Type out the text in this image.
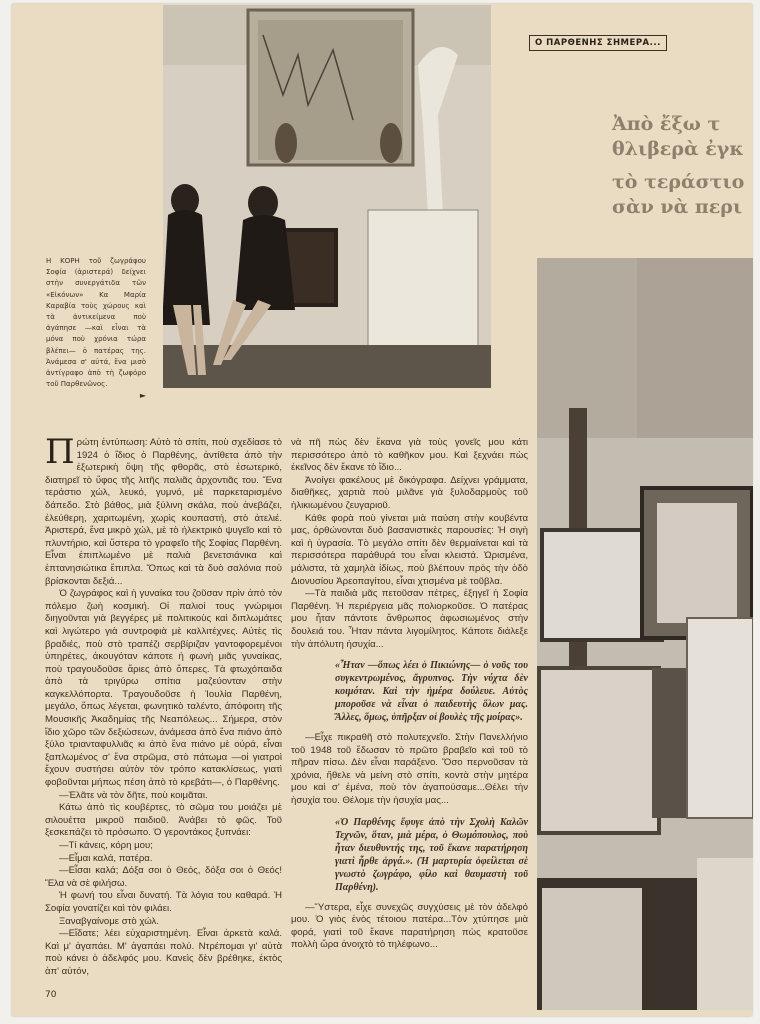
Η ΚΟΡΗ τοῦ ζωγράφου Σοφία (ἀριστερά) δείχνει στὴν συνεργάτιδα τῶν «Εἰκόνων» Κα Μαρία Καραβία τοὺς χώρους καὶ τὰ ἀντικείμενα ποὺ ἀγάπησε —καὶ εἶναι τὰ μόνα ποὺ χρόνια τώρα βλέπει— ὁ πατέρας της. Ἀνάμεσα σ' αὐτά, ἕνα μισὸ ἀντίγραφο ἀπὸ τὴ ζωφόρο τοῦ Παρθενῶνος.
►
Ο ΠΑΡΘΕΝΗΣ ΣΗΜΕΡΑ...
Ἀπὸ ἔξω τ
θλιβερὰ ἐγκ
τὸ τεράστιο
σὰν νὰ περι

Πρώτη ἐντύπωση: Αὐτὸ τὸ σπίτι, ποὺ σχεδίασε τὸ 1924 ὁ ἴδιος ὁ Παρθένης, ἀντίθετα ἀπὸ τὴν ἐξωτερικὴ ὄψη τῆς φθορᾶς, στὸ ἐσωτερικό, διατηρεῖ τὸ ὕφος τῆς λιτῆς παλιᾶς ἀρχοντιᾶς του. Ἕνα τεράστιο χώλ, λευκό, γυμνό, μὲ παρκεταρισμένο δάπεδο. Στὸ βάθος, μιὰ ξύλινη σκάλα, ποὺ ἀνεβάζει, ἐλεύθερη, χαριτωμένη, χωρὶς κουπαστή, στὸ ἀτελιέ. Ἀριστερά, ἕνα μικρὸ χώλ, μὲ τὸ ἠλεκτρικὸ ψυγεῖο καὶ τὸ πλυντήριο, καὶ ὕστερα τὸ γραφεῖο τῆς Σοφίας Παρθένη. Εἶναι ἐπιπλωμένο μὲ παλιὰ βενετσιάνικα καὶ ἑπτανησιώτικα ἔπιπλα. Ὅπως καὶ τὰ δυὸ σαλόνια ποὺ βρίσκονται δεξιά...

Ὁ ζωγράφος καὶ ἡ γυναίκα του ζοῦσαν πρὶν ἀπὸ τὸν πόλεμο ζωὴ κοσμική. Οἱ παλιοί τους γνώριμοι διηγοῦνται γιὰ βεγγέρες μὲ πολιτικοὺς καὶ διπλωμάτες καὶ λιγώτερο γιὰ συντροφιὰ μὲ καλλιτέχνες. Αὐτὲς τὶς βραδιές, ποὺ στὸ τραπέζι σερβίριζαν γαντοφορεμένοι ὑπηρέτες, ἀκουγόταν κάποτε ἡ φωνὴ μιᾶς γυναίκας, ποὺ τραγουδοῦσε ἄριες ἀπὸ ὄπερες. Τὰ φτωχόπαιδα ἀπὸ τὰ τριγύρω σπίτια μαζεύονταν στὴν καγκελλόπορτα. Τραγουδοῦσε ἡ Ἰουλία Παρθένη, μεγάλο, ὅπως λέγεται, φωνητικὸ ταλέντο, ἀπόφοιτη τῆς Μουσικῆς Ἀκαδημίας τῆς Νεαπόλεως... Σήμερα, στὸν ἴδιο χῶρο τῶν δεξιώσεων, ἀνάμεσα ἀπὸ ἕνα πιάνο ἀπὸ ξύλο τριανταφυλλιᾶς κι ἀπὸ ἕνα πιάνο μὲ οὐρά, εἶναι ξαπλωμένος σ' ἕνα στρῶμα, στὸ πάτωμα —οἱ γιατροὶ ἔχουν συστήσει αὐτὸν τὸν τρόπο κατακλίσεως, γιατὶ φοβοῦνται μήπως πέση ἀπὸ τὸ κρεβάτι—, ὁ Παρθένης.

—Ἐλᾶτε νὰ τὸν δῆτε, ποὺ κοιμᾶται.

Κάτω ἀπὸ τὶς κουβέρτες, τὸ σῶμα του μοιάζει μὲ σιλουέττα μικροῦ παιδιοῦ. Ἀνάβει τὸ φῶς. Τοῦ ξεσκεπάζει τὸ πρόσωπο. Ὁ γεροντάκος ξυπνάει:

—Τί κάνεις, κόρη μου;

—Εἶμαι καλά, πατέρα.

—Εἶσαι καλά; Δόξα σοι ὁ Θεός, δόξα σοι ὁ Θεός! Ἔλα νὰ σὲ φιλήσω.

Ἡ φωνή του εἶναι δυνατή. Τὰ λόγια του καθαρά. Ἡ Σοφία γονατίζει καὶ τὸν φιλάει.

Ξαναβγαίνομε στὸ χώλ.

—Εἴδατε; λέει εὐχαριστημένη. Εἶναι ἀρκετὰ καλά. Καὶ μ' ἀγαπάει. Μ' ἀγαπάει πολύ. Ντρέπομαι γι' αὐτὰ ποὺ κάνει ὁ ἀδελφός μου. Κανεὶς δὲν βρέθηκε, ἐκτὸς ἀπ' αὐτόν,

70

νὰ πῆ πὼς δὲν ἔκανα γιὰ τοὺς γονεῖς μου κάτι περισσότερο ἀπὸ τὸ καθῆκον μου. Καὶ ξεχνάει πὼς ἐκεῖνος δὲν ἔκανε τὸ ἴδιο...

Ἀνοίγει φακέλους μὲ δικόγραφα. Δείχνει γράμματα, διαθῆκες, χαρτιὰ ποὺ μιλᾶνε γιὰ ξυλοδαρμοὺς τοῦ ἡλικιωμένου ζευγαριοῦ.

Κάθε φορὰ ποὺ γίνεται μιὰ παύση στὴν κουβέντα μας, ὀρθώνονται δυὸ βασανιστικὲς παρουσίες: Ἡ σιγὴ καὶ ἡ ὑγρασία. Τὸ μεγάλο σπίτι δὲν θερμαίνεται καὶ τὰ περισσότερα παράθυρά του εἶναι κλειστά. Ὡρισμένα, μάλιστα, τὰ χαμηλὰ ἰδίως, ποὺ βλέπουν πρὸς τὴν ὁδὸ Διονυσίου Ἀρεοπαγίτου, εἶναι χτισμένα μὲ τοῦβλα.

—Τὰ παιδιὰ μᾶς πετοῦσαν πέτρες, ἐξηγεῖ ἡ Σοφία Παρθένη. Ἡ περιέργεια μᾶς πολιορκοῦσε. Ὁ πατέρας μου ἦταν πάντοτε ἄνθρωπος ἀφωσιωμένος στὴν δουλειά του. Ἦταν πάντα λιγομίλητος. Κάποτε διάλεξε τὴν ἀπόλυτη ἡσυχία...

«Ἦταν —ὅπως λέει ὁ Πικιώνης— ὁ νοῦς του συγκεντρωμένος, ἄγρυπνος. Τὴν νύχτα δὲν κοιμόταν. Καὶ τὴν ἡμέρα δούλευε. Αὐτὸς μποροῦσε νὰ εἶναι ὁ παιδευτὴς ὅλων μας. Ἄλλες, ὅμως, ὑπῆρξαν οἱ βουλὲς τῆς μοίρας».

—Εἶχε πικραθῆ στὸ πολυτεχνεῖο. Στὴν Πανελλήνιο τοῦ 1948 τοῦ ἔδωσαν τὸ πρῶτο βραβεῖο καὶ τοῦ τὸ πῆραν πίσω. Δὲν εἶναι παράξενο. Ὅσο περνοῦσαν τὰ χρόνια, ἤθελε νὰ μείνη στὸ σπίτι, κοντὰ στὴν μητέρα μου καὶ σ' ἐμένα, ποὺ τὸν ἀγαπούσαμε...Θέλει τὴν ἡσυχία του. Θέλομε τὴν ἡσυχία μας...

«Ὁ Παρθένης ἔφυγε ἀπὸ τὴν Σχολὴ Καλῶν Τεχνῶν, ὅταν, μιὰ μέρα, ὁ Θωμόπουλος, ποὺ ἦταν διευθυντής της, τοῦ ἔκανε παρατήρηση γιατὶ ἦρθε ἀργά.». (Ἡ μαρτυρία ὀφείλεται σὲ γνωστὸ ζωγράφο, φίλο καὶ θαυμαστὴ τοῦ Παρθένη).

—Ὕστερα, εἶχε συνεχῶς συγχύσεις μὲ τὸν ἀδελφό μου. Ὁ γιὸς ἑνὸς τέτοιου πατέρα...Τὸν χτύπησε μιὰ φορά, γιατὶ τοῦ ἔκανε παρατήρηση πὼς κρατοῦσε πολλὴ ὥρα ἀνοιχτὸ τὸ τηλέφωνο...
